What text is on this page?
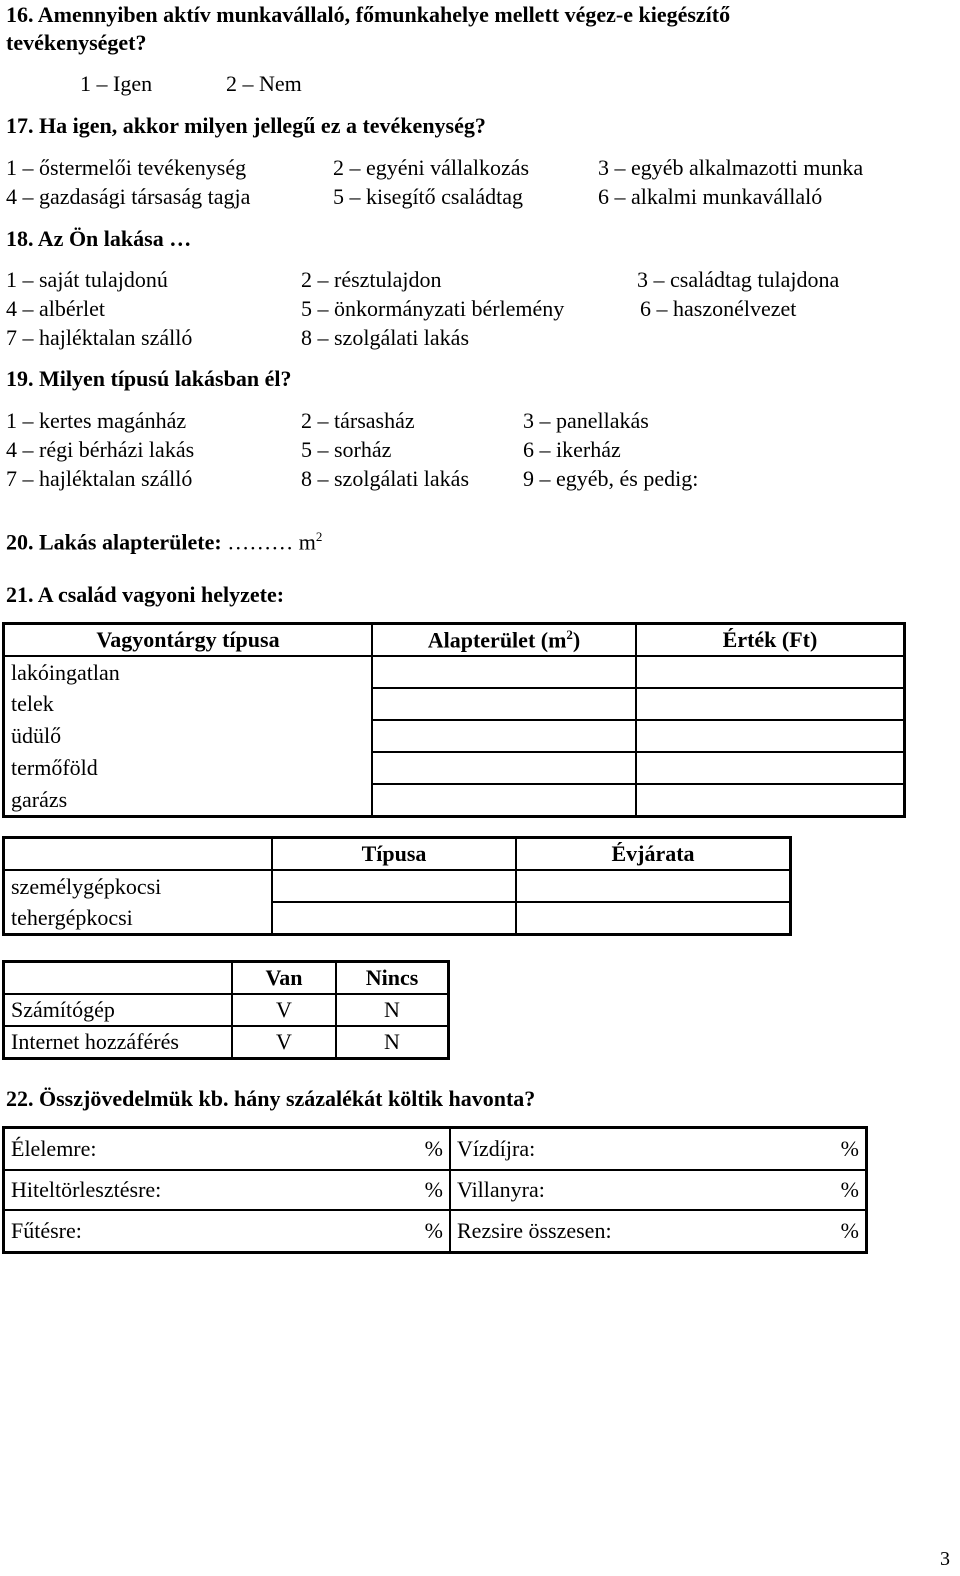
16. Amennyiben aktív munkavállaló, főmunkahelye mellett végez-e kiegészítő
tevékenységet?
1 – Igen	2 – Nem
17. Ha igen, akkor milyen jellegű ez a tevékenység?
1 – őstermelői tevékenység	2 – egyéni vállalkozás	3 – egyéb alkalmazotti munka
4 – gazdasági társaság tagja	5 – kisegítő családtag	6 – alkalmi munkavállaló
18. Az Ön lakása …
1 – saját tulajdonú	2 – résztulajdon	3 – családtag tulajdona
4 – albérlet	5 – önkormányzati bérlemény	6 – haszonélvezet
7 – hajléktalan szálló	8 – szolgálati lakás
19. Milyen típusú lakásban él?
1 – kertes magánház	2 – társasház	3 – panellakás
4 – régi bérházi lakás	5 – sorház	6 – ikerház
7 – hajléktalan szálló	8 – szolgálati lakás 9 – egyéb, és pedig:
20. Lakás alapterülete: ……… $m^2$
21. A család vagyoni helyzete:
Vagyontárgy típusa	Alapterület $(m^2)$	Érték (Ft)
lakóingatlan		
telek		
üdülő		
termőföld		
garázs		
	Típusa	Évjárata
személygépkocsi		
tehergépkocsi		
	Van	Nincs
Számítógép	V	N
Internet hozzáférés	V	N
22. Összjövedelmük kb. hány százalékát költik havonta?
Élelemre:	%	Vízdíjra:	%
Hiteltörlesztésre:	%	Villanyra:	%
Fűtésre:	%	Rezsire összesen:	%
3
